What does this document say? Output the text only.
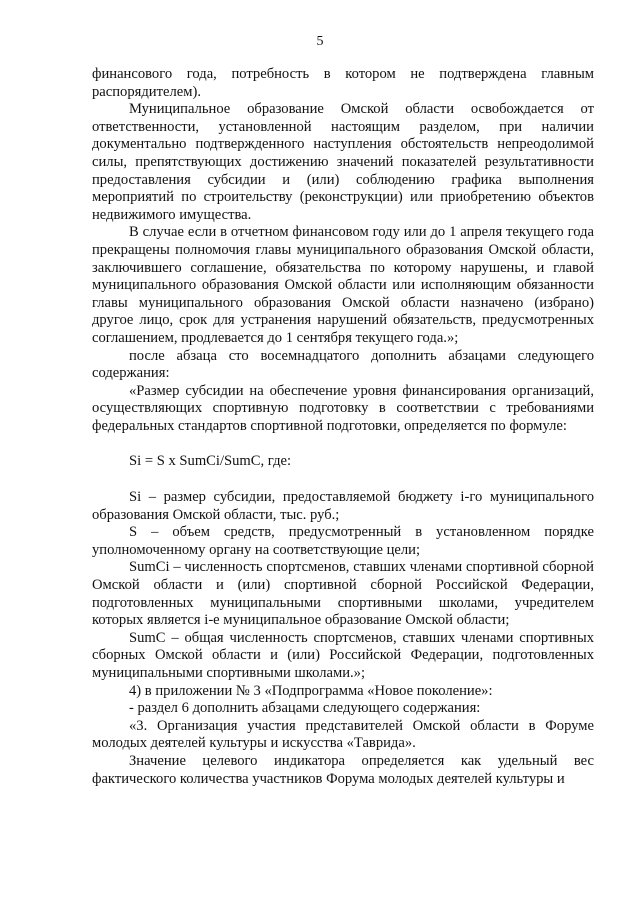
5

финансового года, потребность в котором не подтверждена главным распорядителем).

Муниципальное образование Омской области освобождается от ответственности, установленной настоящим разделом, при наличии документально подтвержденного наступления обстоятельств непреодолимой силы, препятствующих достижению значений показателей результативности предоставления субсидии и (или) соблюдению графика выполнения мероприятий по строительству (реконструкции) или приобретению объектов недвижимого имущества.

В случае если в отчетном финансовом году или до 1 апреля текущего года прекращены полномочия главы муниципального образования Омской области, заключившего соглашение, обязательства по которому нарушены, и главой муниципального образования Омской области или исполняющим обязанности главы муниципального образования Омской области назначено (избрано) другое лицо, срок для устранения нарушений обязательств, предусмотренных соглашением, продлевается до 1 сентября текущего года.»;

после абзаца сто восемнадцатого дополнить абзацами следующего содержания:

«Размер субсидии на обеспечение уровня финансирования организаций, осуществляющих спортивную подготовку в соответствии с требованиями федеральных стандартов спортивной подготовки, определяется по формуле:

Si = S x SumCi/SumC, где:

Si – размер субсидии, предоставляемой бюджету i-го муниципального образования Омской области, тыс. руб.;

S – объем средств, предусмотренный в установленном порядке уполномоченному органу на соответствующие цели;

SumCi – численность спортсменов, ставших членами спортивной сборной Омской области и (или) спортивной сборной Российской Федерации, подготовленных муниципальными спортивными школами, учредителем которых является i-е муниципальное образование Омской области;

SumC – общая численность спортсменов, ставших членами спортивных сборных Омской области и (или) Российской Федерации, подготовленных муниципальными спортивными школами.»;

4) в приложении № 3 «Подпрограмма «Новое поколение»:

- раздел 6 дополнить абзацами следующего содержания:

«3. Организация участия представителей Омской области в Форуме молодых деятелей культуры и искусства «Таврида».

Значение целевого индикатора определяется как удельный вес фактического количества участников Форума молодых деятелей культуры и
